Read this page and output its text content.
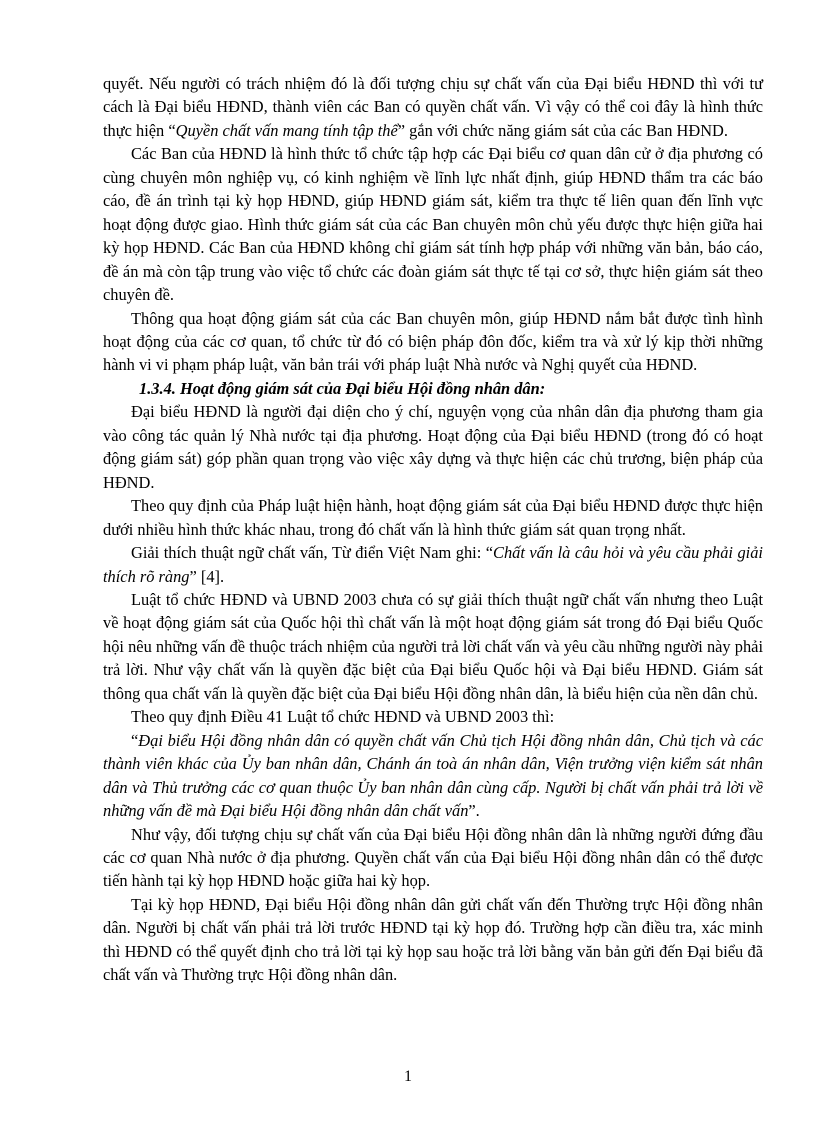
quyết. Nếu người có trách nhiệm đó là đối tượng chịu sự chất vấn của Đại biểu HĐND thì với tư cách là Đại biểu HĐND, thành viên các Ban có quyền chất vấn. Vì vậy có thể coi đây là hình thức thực hiện “Quyền chất vấn mang tính tập thể” gắn với chức năng giám sát của các Ban HĐND.

Các Ban của HĐND là hình thức tổ chức tập hợp các Đại biểu cơ quan dân cử ở địa phương có cùng chuyên môn nghiệp vụ, có kinh nghiệm về lĩnh lực nhất định, giúp HĐND thẩm tra các báo cáo, đề án trình tại kỳ họp HĐND, giúp HĐND giám sát, kiểm tra thực tế liên quan đến lĩnh vực hoạt động được giao. Hình thức giám sát của các Ban chuyên môn chủ yếu được thực hiện giữa hai kỳ họp HĐND. Các Ban của HĐND không chỉ giám sát tính hợp pháp với những văn bản, báo cáo, đề án mà còn tập trung vào việc tổ chức các đoàn giám sát thực tế tại cơ sở, thực hiện giám sát theo chuyên đề.

Thông qua hoạt động giám sát của các Ban chuyên môn, giúp HĐND nắm bắt được tình hình hoạt động của các cơ quan, tổ chức từ đó có biện pháp đôn đốc, kiểm tra và xử lý kịp thời những hành vi vi phạm pháp luật, văn bản trái với pháp luật Nhà nước và Nghị quyết của HĐND.

1.3.4. Hoạt động giám sát của Đại biểu Hội đồng nhân dân:

Đại biểu HĐND là người đại diện cho ý chí, nguyện vọng của nhân dân địa phương tham gia vào công tác quản lý Nhà nước tại địa phương. Hoạt động của Đại biểu HĐND (trong đó có hoạt động giám sát) góp phần quan trọng vào việc xây dựng và thực hiện các chủ trương, biện pháp của HĐND.

Theo quy định của Pháp luật hiện hành, hoạt động giám sát của Đại biểu HĐND được thực hiện dưới nhiều hình thức khác nhau, trong đó chất vấn là hình thức giám sát quan trọng nhất.

Giải thích thuật ngữ chất vấn, Từ điển Việt Nam ghi: “Chất vấn là câu hỏi và yêu cầu phải giải thích rõ ràng” [4].

Luật tổ chức HĐND và UBND 2003 chưa có sự giải thích thuật ngữ chất vấn nhưng theo Luật về hoạt động giám sát của Quốc hội thì chất vấn là một hoạt động giám sát trong đó Đại biểu Quốc hội nêu những vấn đề thuộc trách nhiệm của người trả lời chất vấn và yêu cầu những người này phải trả lời. Như vậy chất vấn là quyền đặc biệt của Đại biểu Quốc hội và Đại biểu HĐND. Giám sát thông qua chất vấn là quyền đặc biệt của Đại biểu Hội đồng nhân dân, là biểu hiện của nền dân chủ.

Theo quy định Điều 41 Luật tổ chức HĐND và UBND 2003 thì:

“Đại biểu Hội đồng nhân dân có quyền chất vấn Chủ tịch Hội đồng nhân dân, Chủ tịch và các thành viên khác của Ủy ban nhân dân, Chánh án toà án nhân dân, Viện trưởng viện kiểm sát nhân dân và Thủ trưởng các cơ quan thuộc Ủy ban nhân dân cùng cấp. Người bị chất vấn phải trả lời về những vấn đề mà Đại biểu Hội đồng nhân dân chất vấn”.

Như vậy, đối tượng chịu sự chất vấn của Đại biểu Hội đồng nhân dân là những người đứng đầu các cơ quan Nhà nước ở địa phương. Quyền chất vấn của Đại biểu Hội đồng nhân dân có thể được tiến hành tại kỳ họp HĐND hoặc giữa hai kỳ họp.

Tại kỳ họp HĐND, Đại biểu Hội đồng nhân dân gửi chất vấn đến Thường trực Hội đồng nhân dân. Người bị chất vấn phải trả lời trước HĐND tại kỳ họp đó. Trường hợp cần điều tra, xác minh thì HĐND có thể quyết định cho trả lời tại kỳ họp sau hoặc trả lời bằng văn bản gửi đến Đại biểu đã chất vấn và Thường trực Hội đồng nhân dân.

1
